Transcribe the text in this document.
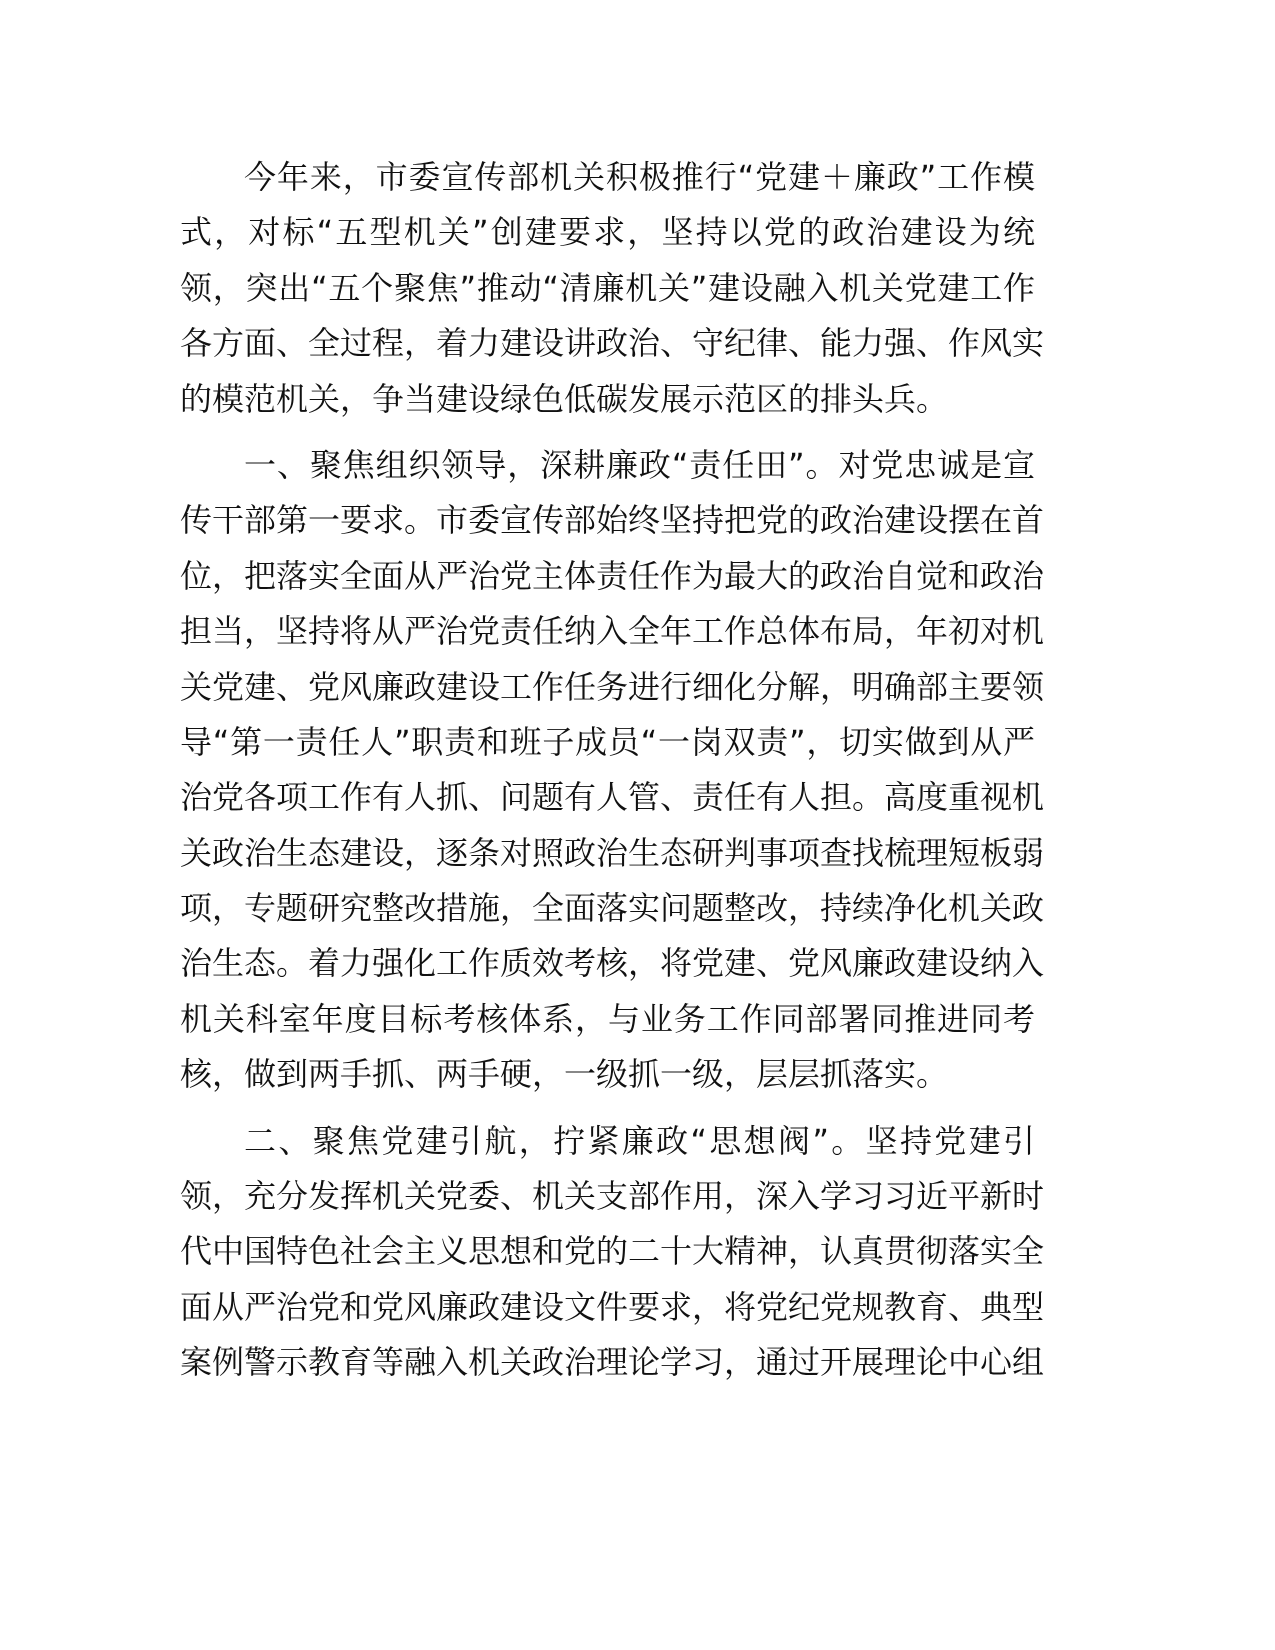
今年来，市委宣传部机关积极推行“党建＋廉政”工作模
式，对标“五型机关”创建要求，坚持以党的政治建设为统
领，突出“五个聚焦”推动“清廉机关”建设融入机关党建工作
各方面、全过程，着力建设讲政治、守纪律、能力强、作风实
的模范机关，争当建设绿色低碳发展示范区的排头兵。
一、聚焦组织领导，深耕廉政“责任田”。对党忠诚是宣
传干部第一要求。市委宣传部始终坚持把党的政治建设摆在首
位，把落实全面从严治党主体责任作为最大的政治自觉和政治
担当，坚持将从严治党责任纳入全年工作总体布局，年初对机
关党建、党风廉政建设工作任务进行细化分解，明确部主要领
导“第一责任人”职责和班子成员“一岗双责”，切实做到从严
治党各项工作有人抓、问题有人管、责任有人担。高度重视机
关政治生态建设，逐条对照政治生态研判事项查找梳理短板弱
项，专题研究整改措施，全面落实问题整改，持续净化机关政
治生态。着力强化工作质效考核，将党建、党风廉政建设纳入
机关科室年度目标考核体系，与业务工作同部署同推进同考
核，做到两手抓、两手硬，一级抓一级，层层抓落实。
二、聚焦党建引航，拧紧廉政“思想阀”。坚持党建引
领，充分发挥机关党委、机关支部作用，深入学习习近平新时
代中国特色社会主义思想和党的二十大精神，认真贯彻落实全
面从严治党和党风廉政建设文件要求，将党纪党规教育、典型
案例警示教育等融入机关政治理论学习，通过开展理论中心组
